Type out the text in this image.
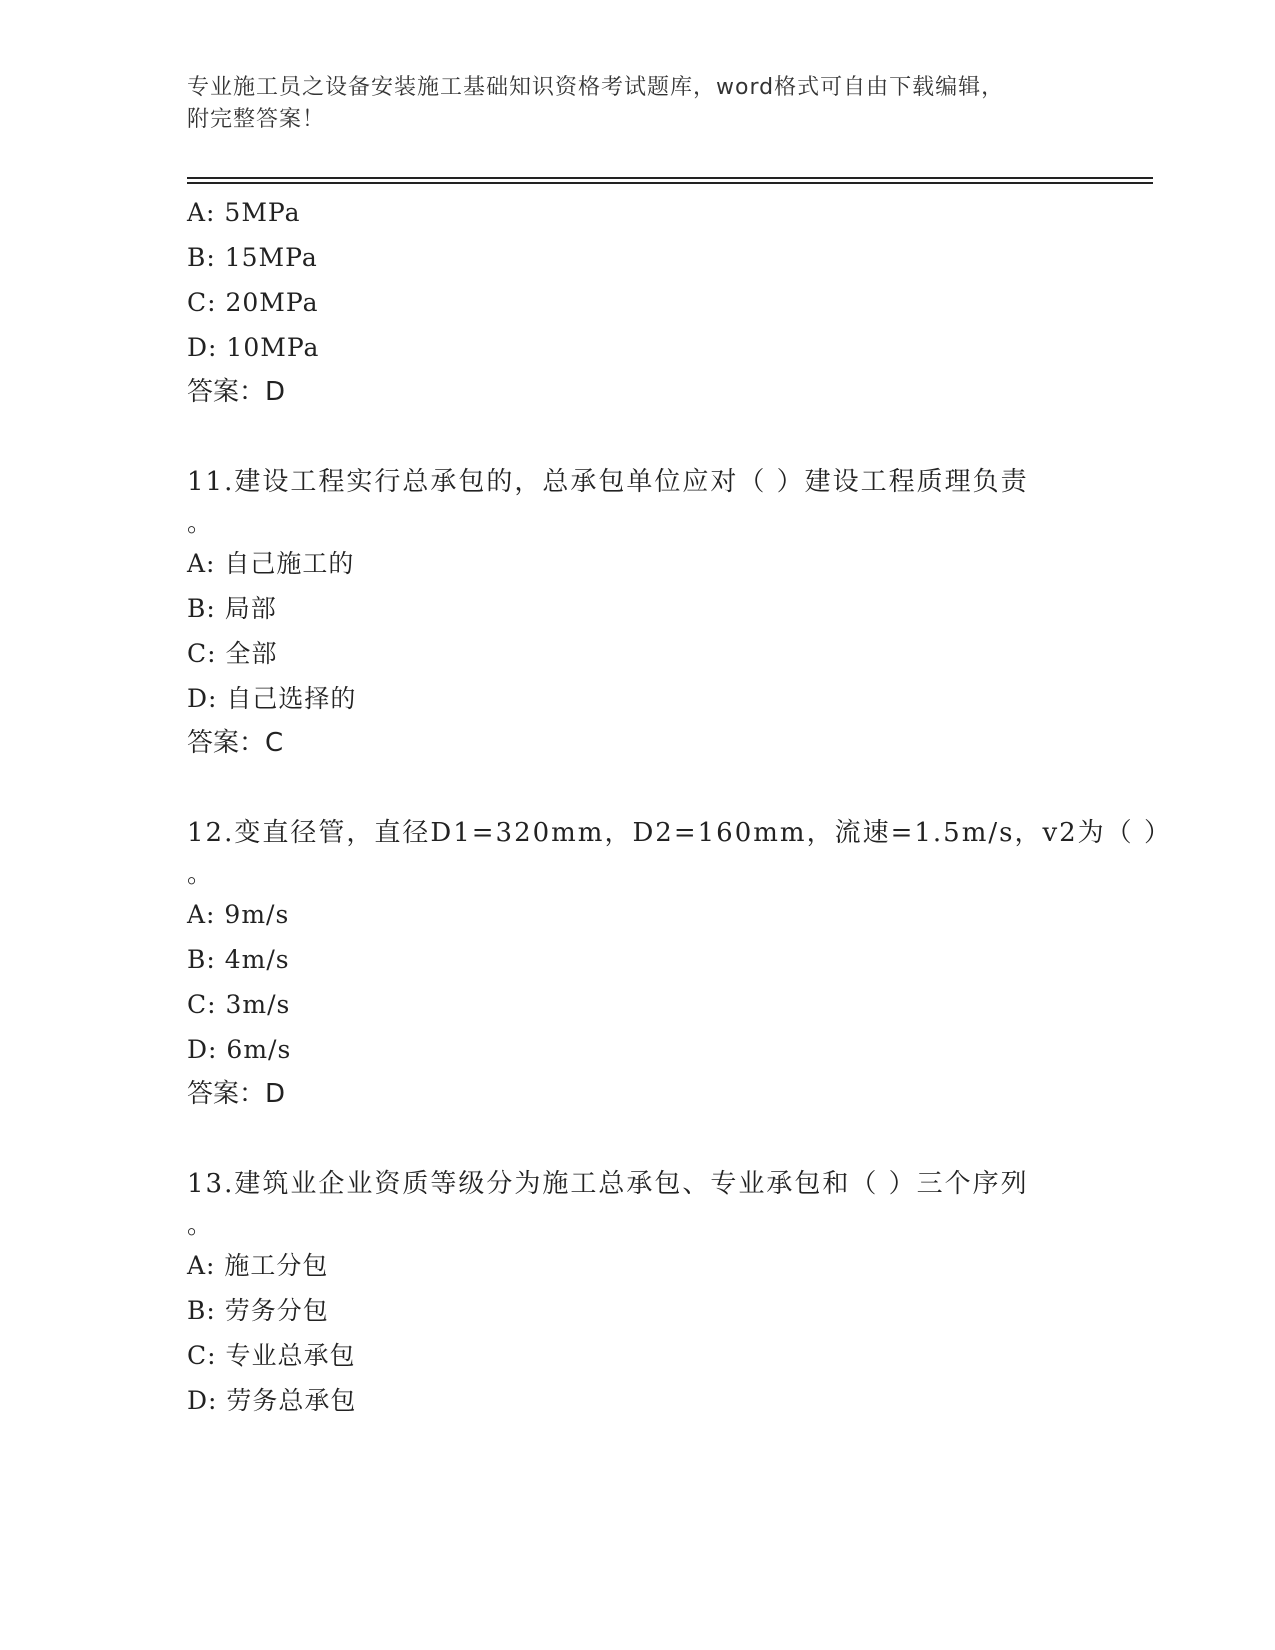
专业施工员之设备安装施工基础知识资格考试题库，word格式可自由下载编辑，
附完整答案！
A: 5MPa
B: 15MPa
C: 20MPa
D: 10MPa
答案：D
11.建设工程实行总承包的，总承包单位应对（ ）建设工程质理负责
。
A: 自己施工的
B: 局部
C: 全部
D: 自己选择的
答案：C
12.变直径管，直径D1=320mm，D2=160mm，流速=1.5m/s，v2为（ ）
。
A: 9m/s
B: 4m/s
C: 3m/s
D: 6m/s
答案：D
13.建筑业企业资质等级分为施工总承包、专业承包和（ ）三个序列
。
A: 施工分包
B: 劳务分包
C: 专业总承包
D: 劳务总承包
